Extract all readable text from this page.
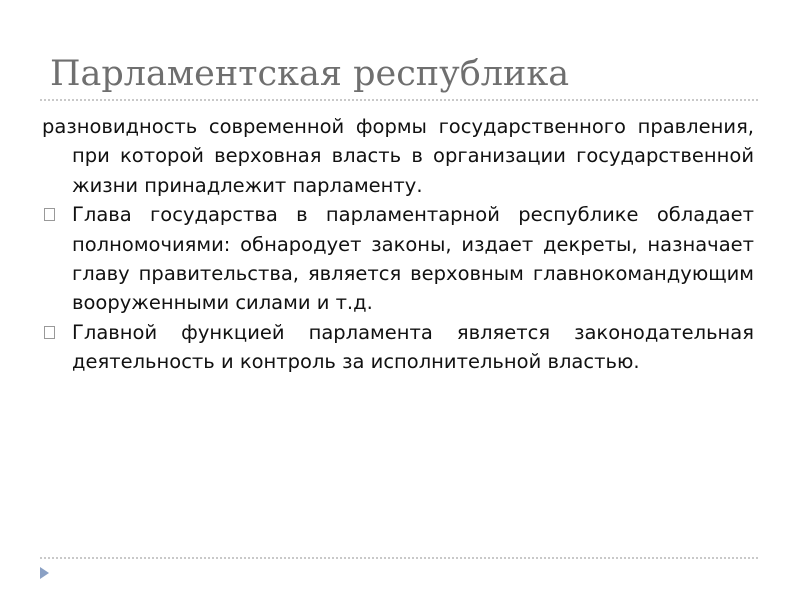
Парламентская республика

разновидность современной формы государственного правления, при которой верховная власть в организации государственной жизни принадлежит парламенту.

Глава государства в парламентарной республике обладает полномочиями: обнародует законы, издает декреты, назначает главу правительства, является верховным главнокомандующим вооруженными силами и т.д.
Главной функцией парламента является законодательная деятельность и контроль за исполнительной властью.
